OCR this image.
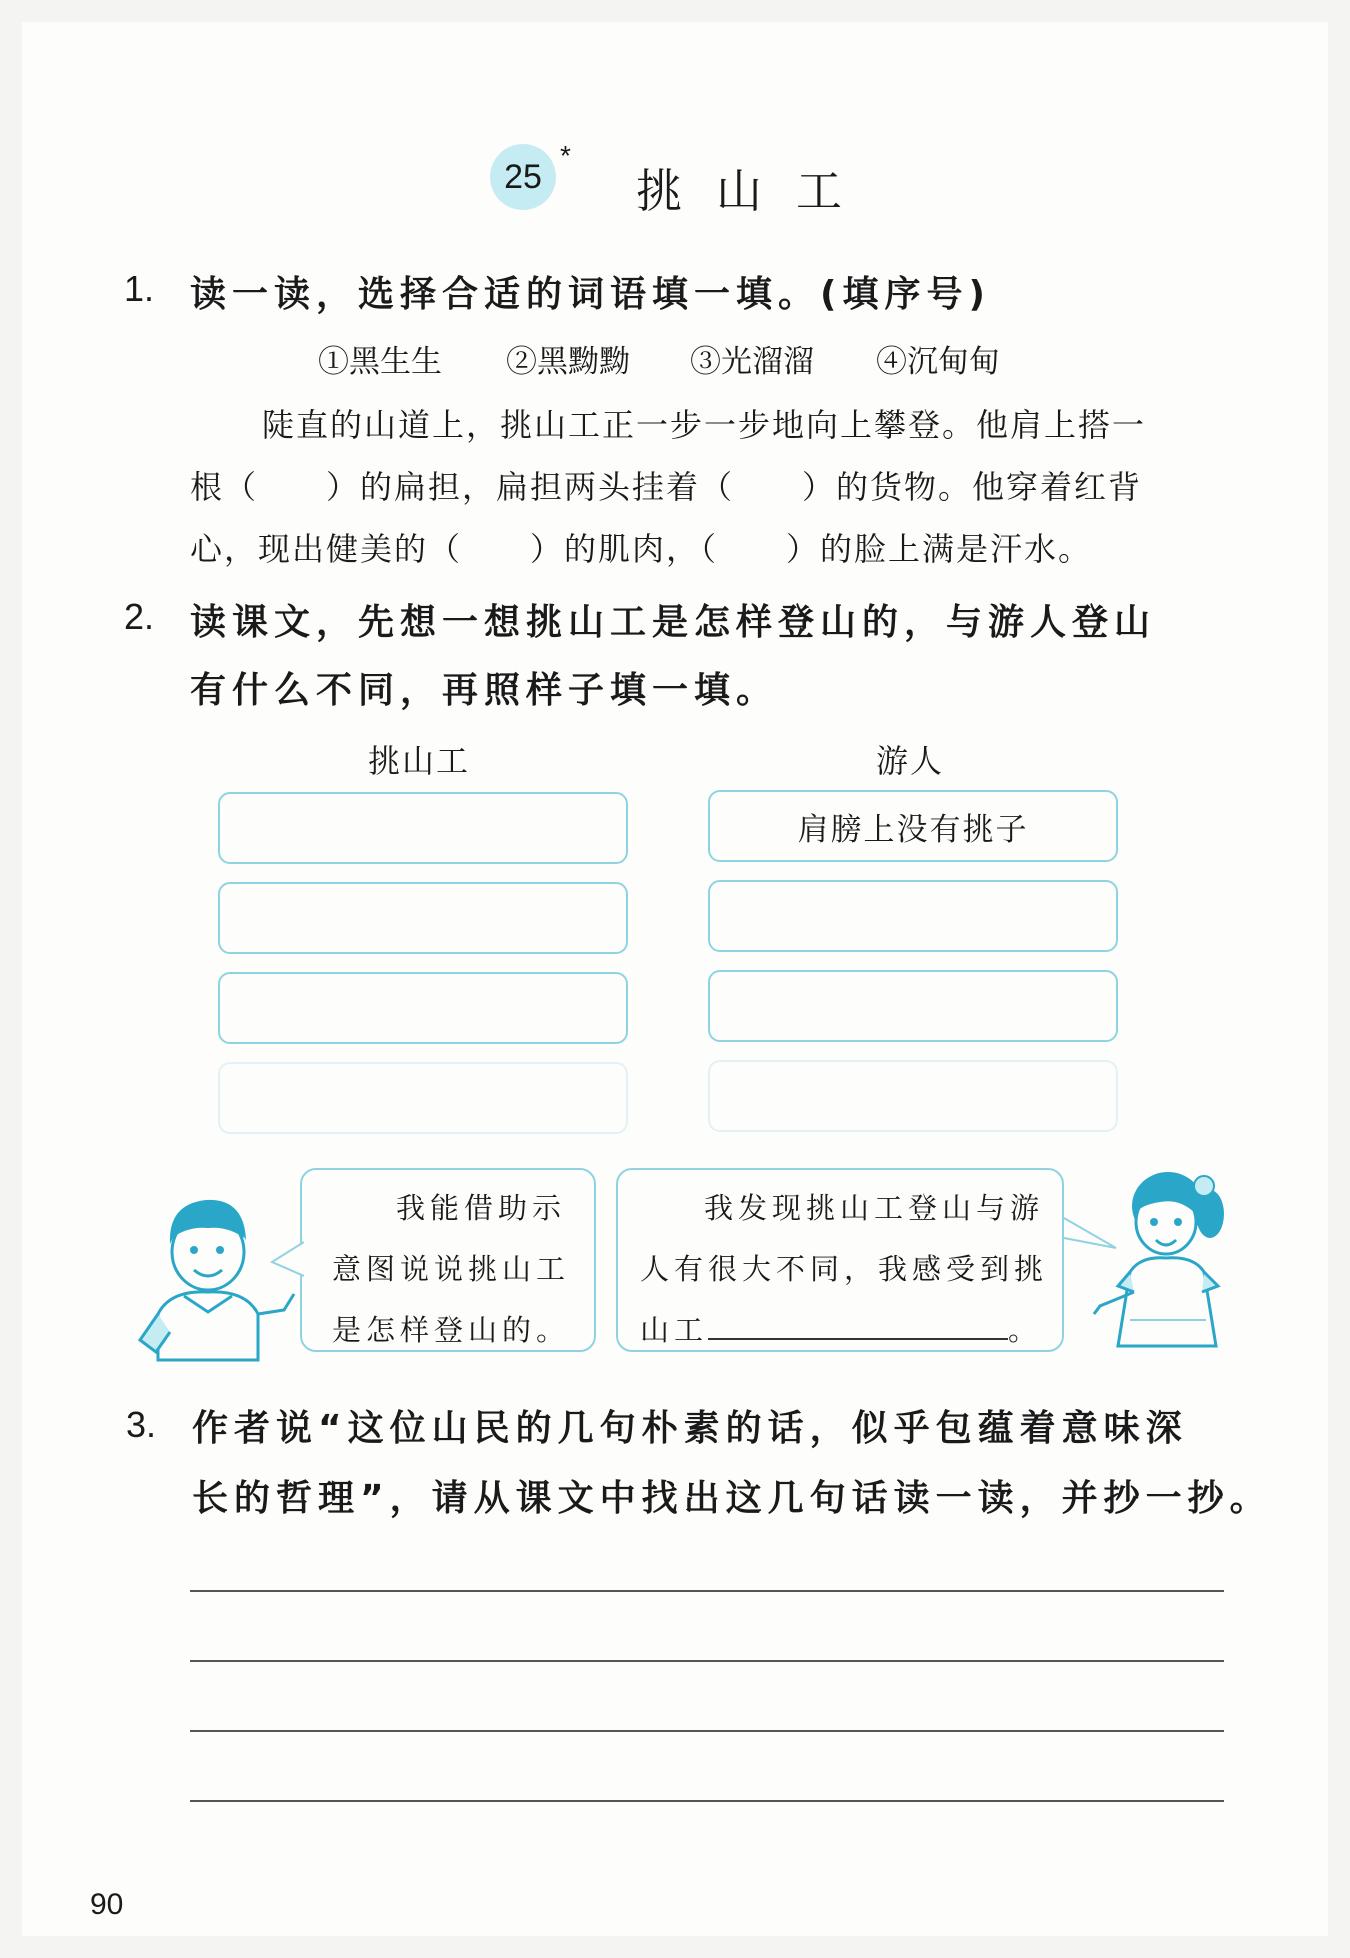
25
*
挑山工
1. 读一读，选择合适的词语填一填。(填序号)
①黑生生 ②黑黝黝 ③光溜溜 ④沉甸甸
陡直的山道上，挑山工正一步一步地向上攀登。他肩上搭一
根（　　）的扁担，扁担两头挂着（　　）的货物。他穿着红背
心，现出健美的（　　）的肌肉，（　　）的脸上满是汗水。
2. 读课文，先想一想挑山工是怎样登山的，与游人登山
有什么不同，再照样子填一填。
挑山工	游人
肩膀上没有挑子
我能借助示
意图说说挑山工
是怎样登山的。
我发现挑山工登山与游
人有很大不同，我感受到挑
山工	。
3. 作者说“这位山民的几句朴素的话，似乎包蕴着意味深
长的哲理”，请从课文中找出这几句话读一读，并抄一抄。
90
